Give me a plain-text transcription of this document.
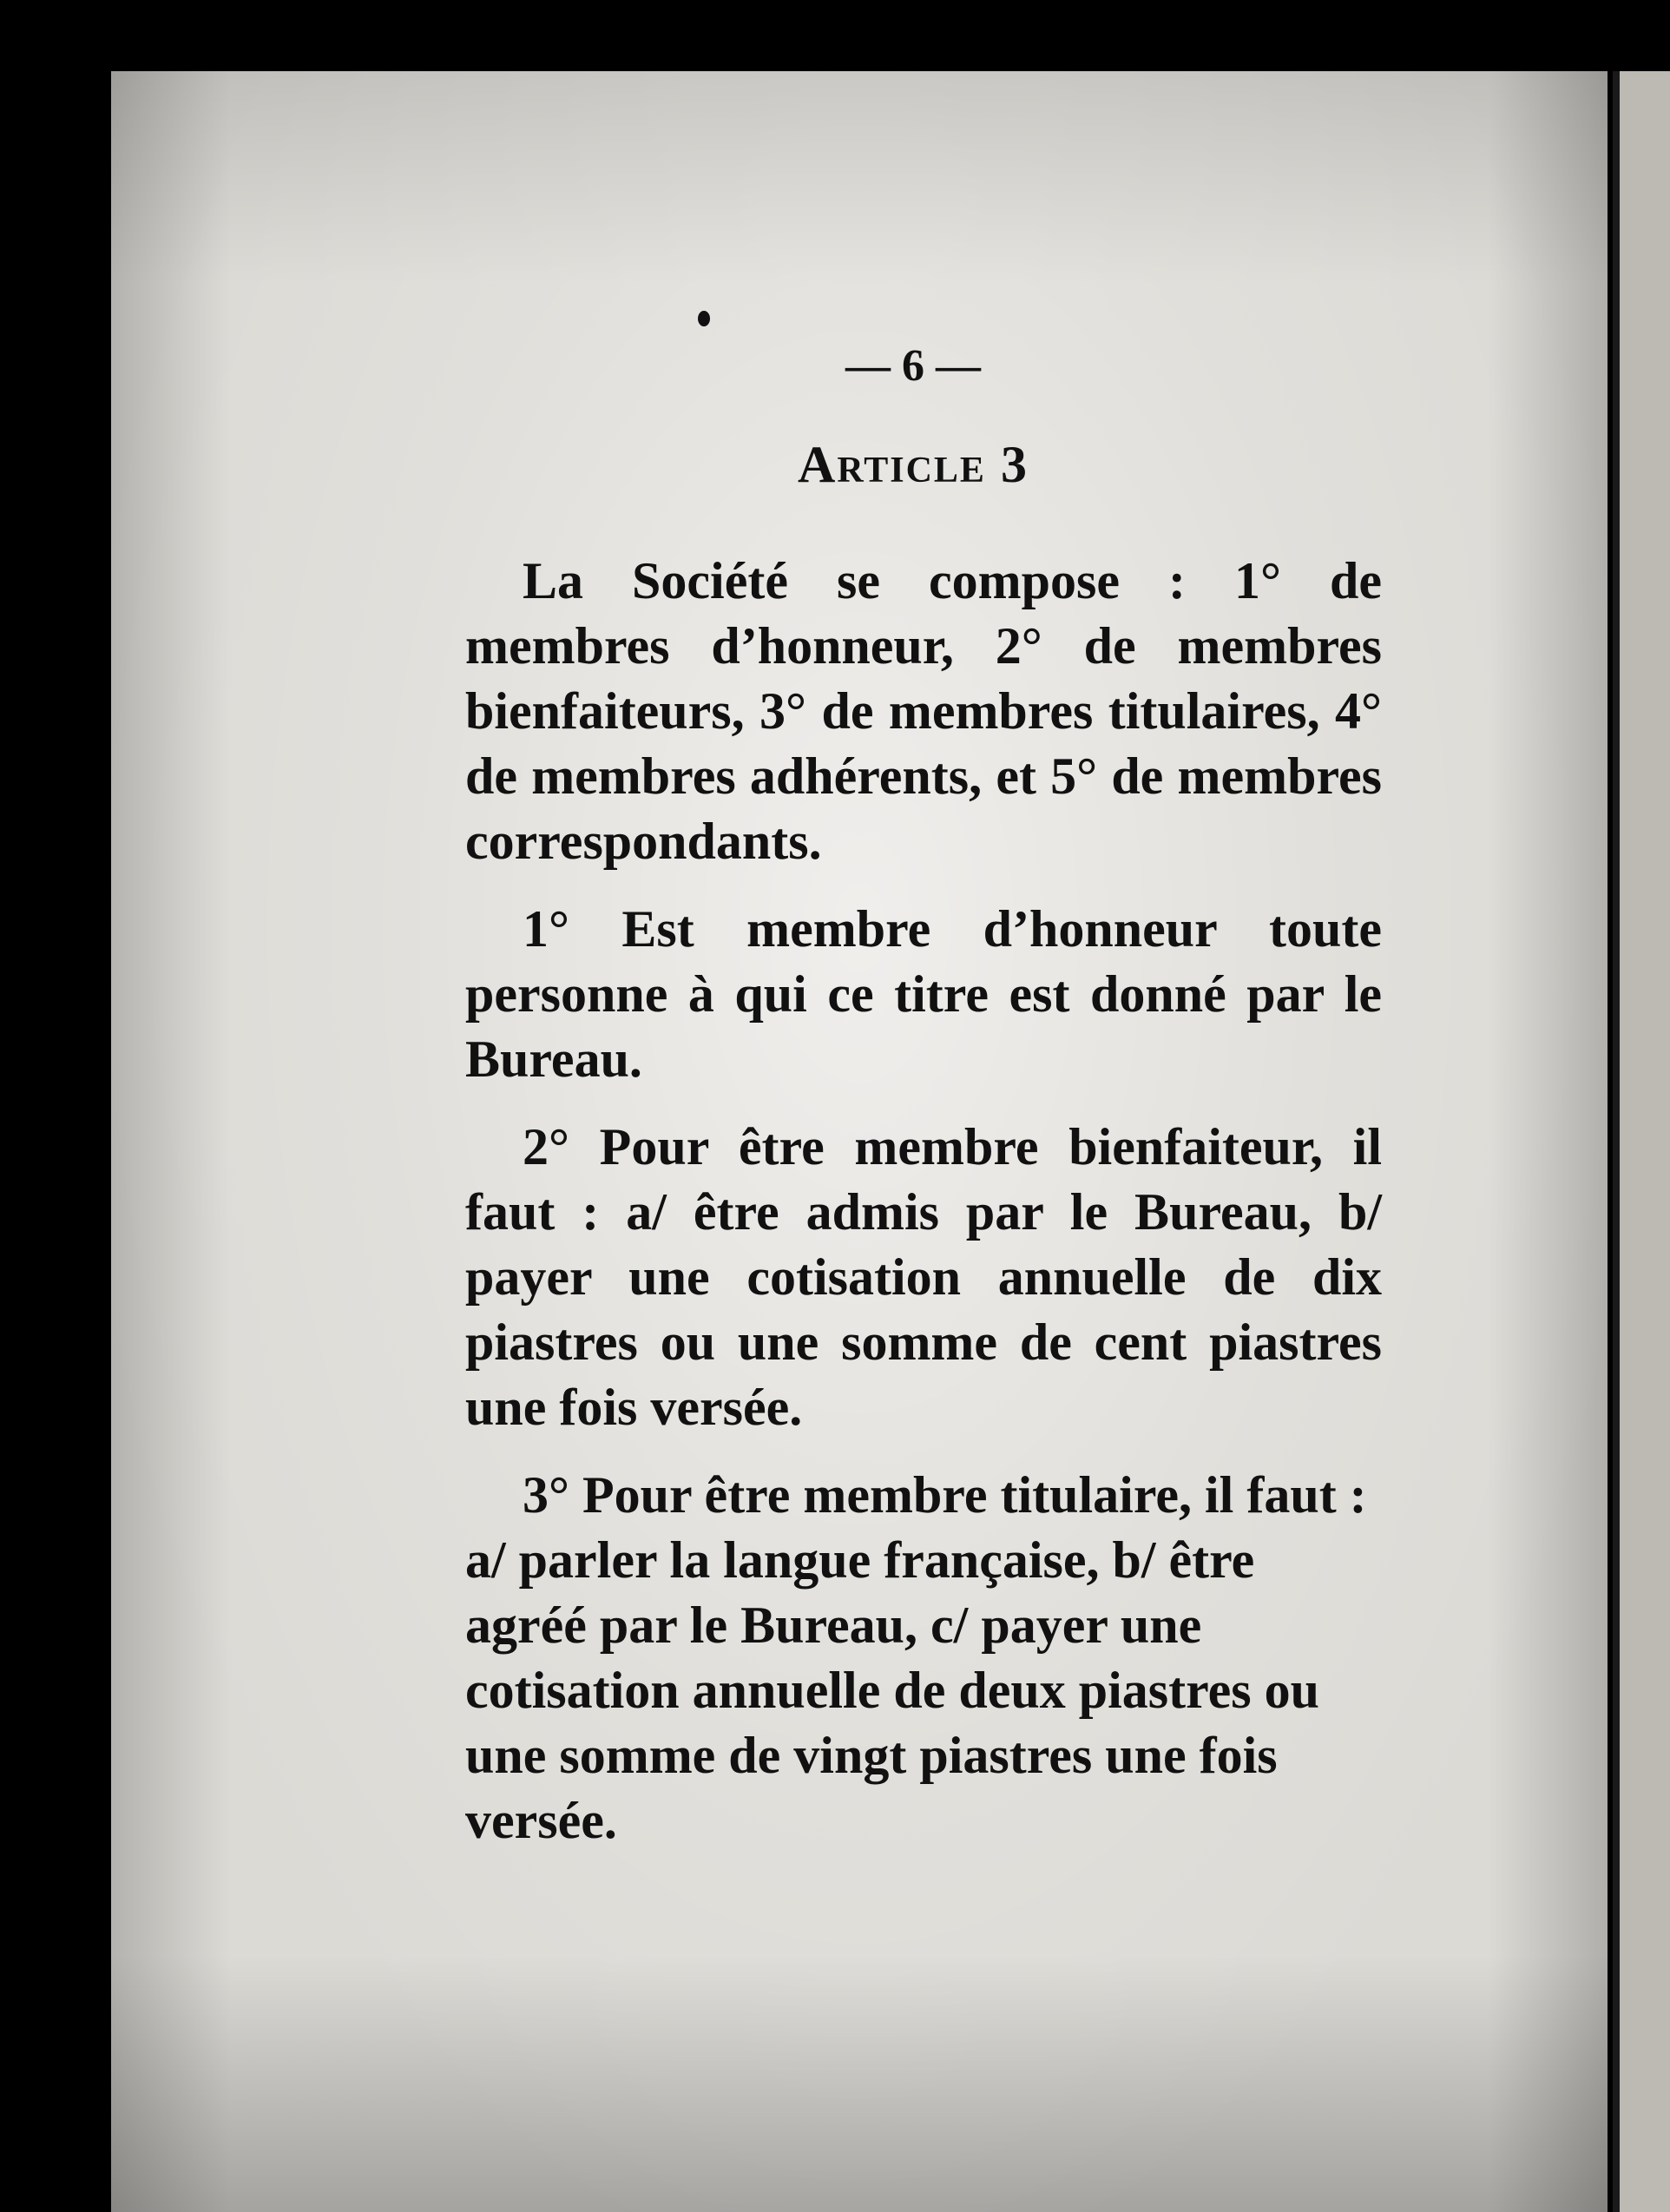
— 6 —
Article 3

La Société se compose : 1° de membres d’honneur, 2° de membres bienfaiteurs, 3° de membres titulaires, 4° de membres adhérents, et 5° de membres correspondants.

1° Est membre d’honneur toute personne à qui ce titre est donné par le Bureau.

2° Pour être membre bienfaiteur, il faut : a/ être admis par le Bureau, b/ payer une cotisation annuelle de dix piastres ou une somme de cent piastres une fois versée.

3° Pour être membre titulaire, il faut : a/ parler la langue française, b/ être agréé par le Bureau, c/ payer une cotisation annuelle de deux piastres ou une somme de vingt piastres une fois versée.
